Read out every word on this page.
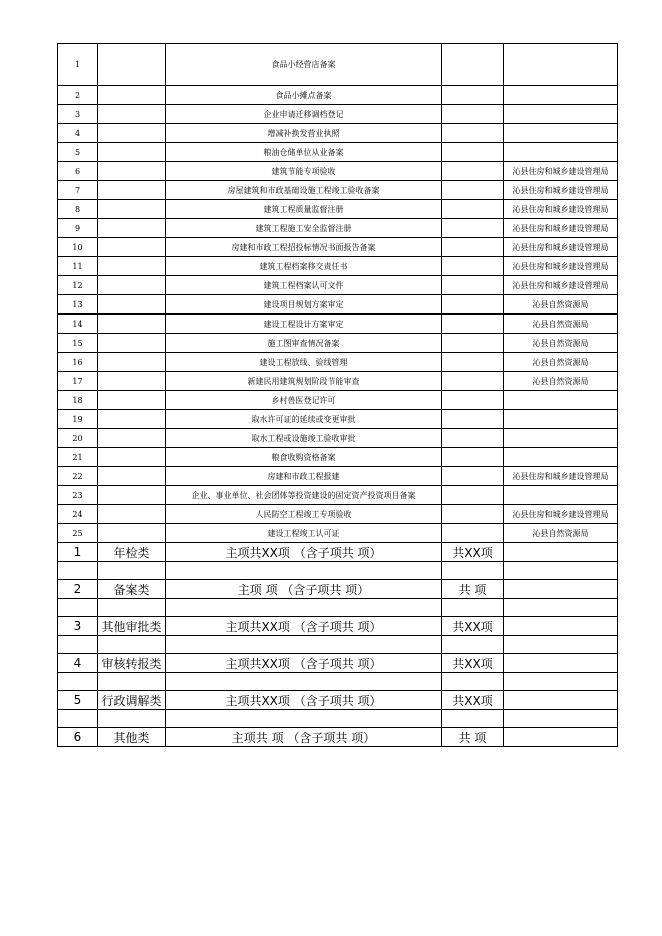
1		食品小经营店备案		
2		食品小摊点备案		
3		企业申请迁移调档登记		
4		增减补换发营业执照		
5		粮油仓储单位从业备案		
6		建筑节能专项验收		沁县住房和城乡建设管理局
7		房屋建筑和市政基础设施工程竣工验收备案		沁县住房和城乡建设管理局
8		建筑工程质量监督注册		沁县住房和城乡建设管理局
9		建筑工程施工安全监督注册		沁县住房和城乡建设管理局
10		房建和市政工程招投标情况书面报告备案		沁县住房和城乡建设管理局
11		建筑工程档案移交责任书		沁县住房和城乡建设管理局
12		建筑工程档案认可文件		沁县住房和城乡建设管理局
13		建设项目规划方案审定		沁县自然资源局
14		建设工程设计方案审定		沁县自然资源局
15		施工图审查情况备案		沁县自然资源局
16		建设工程放线、验线管理		沁县自然资源局
17		新建民用建筑规划阶段节能审查		沁县自然资源局
18		乡村兽医登记许可		
19		取水许可证的延续或变更审批		
20		取水工程或设施竣工验收审批		
21		粮食收购资格备案		
22		房建和市政工程报建		沁县住房和城乡建设管理局
23		企业、事业单位、社会团体等投资建设的固定资产投资项目备案		
24		人民防空工程竣工专项验收		沁县住房和城乡建设管理局
25		建设工程竣工认可证		沁县自然资源局
1	年检类	主项共XX项 （含子项共 项）	共XX项	

2	备案类	主项 项 （含子项共 项）	共 项	

3	其他审批类	主项共XX项 （含子项共 项）	共XX项	

4	审核转报类	主项共XX项 （含子项共 项）	共XX项	

5	行政调解类	主项共XX项 （含子项共 项）	共XX项	

6	其他类	主项共 项 （含子项共 项）	共 项	
